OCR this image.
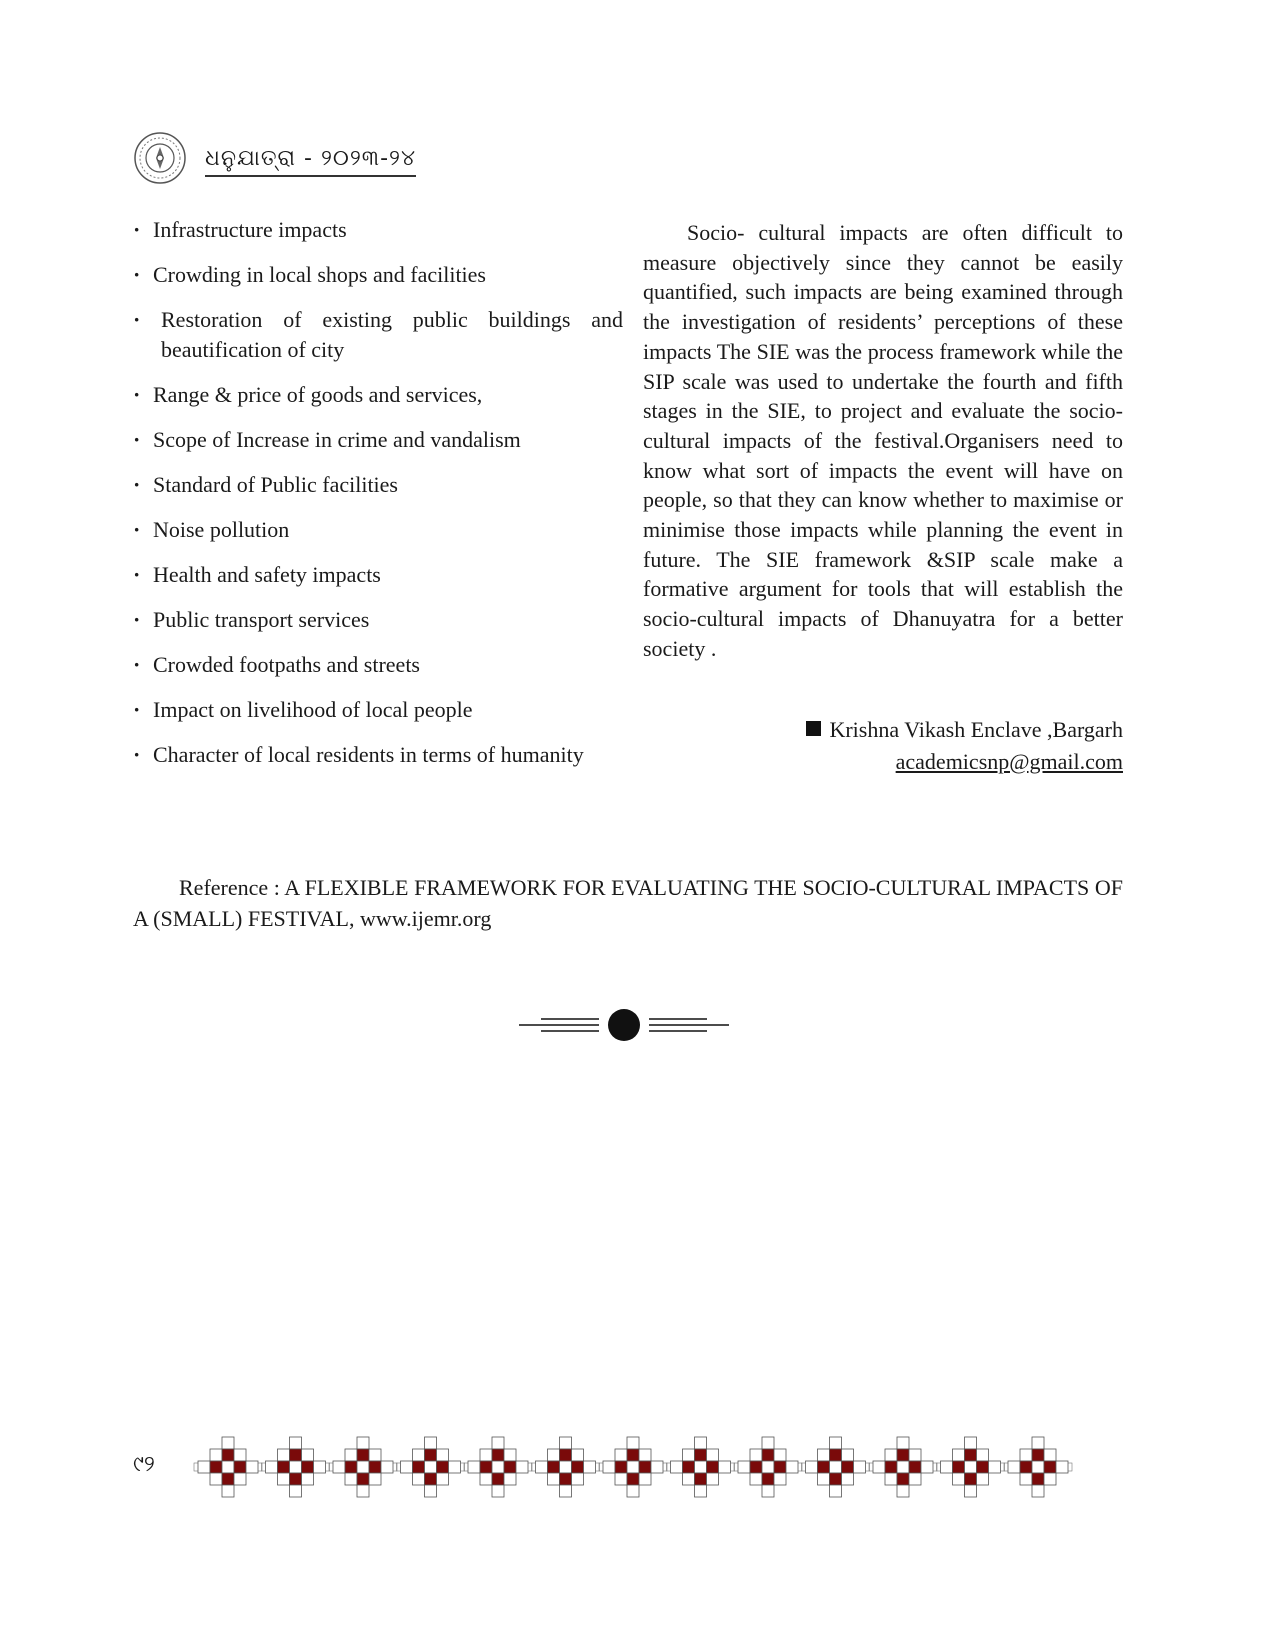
ଧନୁଯାତ୍ରା - ୨୦୨୩-୨୪
· Infrastructure impacts
· Crowding in local shops and facilities
· Restoration of existing public buildings and beautification of city
· Range & price of goods and services,
· Scope of Increase in crime and vandalism
· Standard of Public facilities
· Noise pollution
· Health and safety impacts
· Public transport services
· Crowded footpaths and streets
· Impact on livelihood of local people
· Character of local residents in terms of humanity

Socio- cultural impacts are often difficult to measure objectively since they cannot be easily quantified, such impacts are being examined through the investigation of residents’ perceptions of these impacts The SIE was the process framework while the SIP scale was used to undertake the fourth and fifth stages in the SIE, to project and evaluate the socio-cultural impacts of the festival.Organisers need to know what sort of impacts the event will have on people, so that they can know whether to maximise or minimise those impacts while planning the event in future. The SIE framework &SIP scale make a formative argument for tools that will establish the socio-cultural impacts of Dhanuyatra for a better society .

Krishna Vikash Enclave ,Bargarh
academicsnp@gmail.com

Reference : A FLEXIBLE FRAMEWORK FOR EVALUATING THE SOCIO-CULTURAL IMPACTS OF A (SMALL) FESTIVAL, www.ijemr.org

୯୨
